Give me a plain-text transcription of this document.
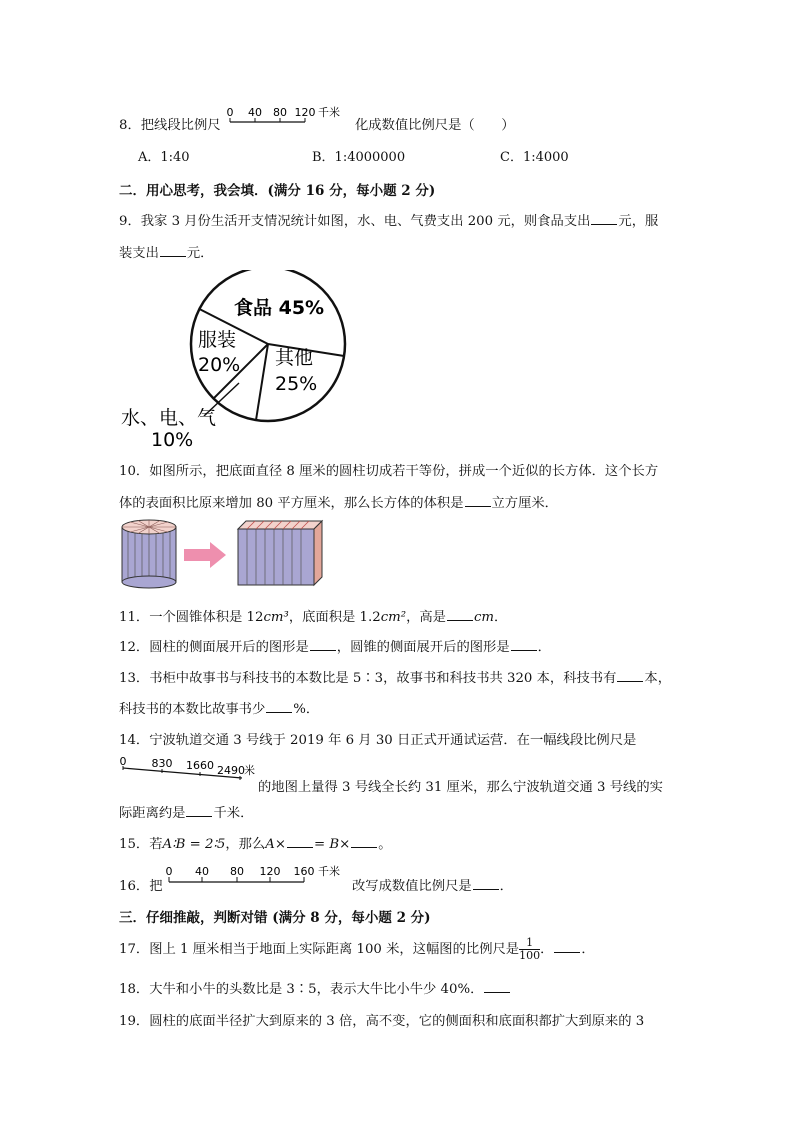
8．把线段比例尺
0 40 80 120 千米
化成数值比例尺是（　　）
A．1:40	B．1:4000000	C．1:4000
二．用心思考，我会填．(满分 16 分，每小题 2 分)
9．我家 3 月份生活开支情况统计如图，水、电、气费支出 200 元，则食品支出 元，服
装支出 元．
食品 45%
服装
20% 其他
25%
水、电、气
10%
10．如图所示，把底面直径 8 厘米的圆柱切成若干等份，拼成一个近似的长方体．这个长方
体的表面积比原来增加 80 平方厘米，那么长方体的体积是 立方厘米．
11．一个圆锥体积是 12cm³，底面积是 1.2cm²，高是 cm．
12．圆柱的侧面展开后的图形是 ，圆锥的侧面展开后的图形是 ．
13．书柜中故事书与科技书的本数比是 5∶3，故事书和科技书共 320 本，科技书有 本，
科技书的本数比故事书少 %．
14．宁波轨道交通 3 号线于 2019 年 6 月 30 日正式开通试运营．在一幅线段比例尺是
0 830 1660 2490 米
的地图上量得 3 号线全长约 31 厘米，那么宁波轨道交通 3 号线的实
际距离约是 千米．
15．若A∶B = 2∶5，那么A× = B× 。
16．把
0 40 80 120 160 千米
改写成数值比例尺是 ．
三．仔细推敲，判断对错 (满分 8 分，每小题 2 分)
17．图上 1 厘米相当于地面上实际距离 100 米，这幅图的比例尺是 $\frac{1}{100}$ ． ．
18．大牛和小牛的头数比是 3∶5，表示大牛比小牛少 40%．
19．圆柱的底面半径扩大到原来的 3 倍，高不变，它的侧面积和底面积都扩大到原来的 3
